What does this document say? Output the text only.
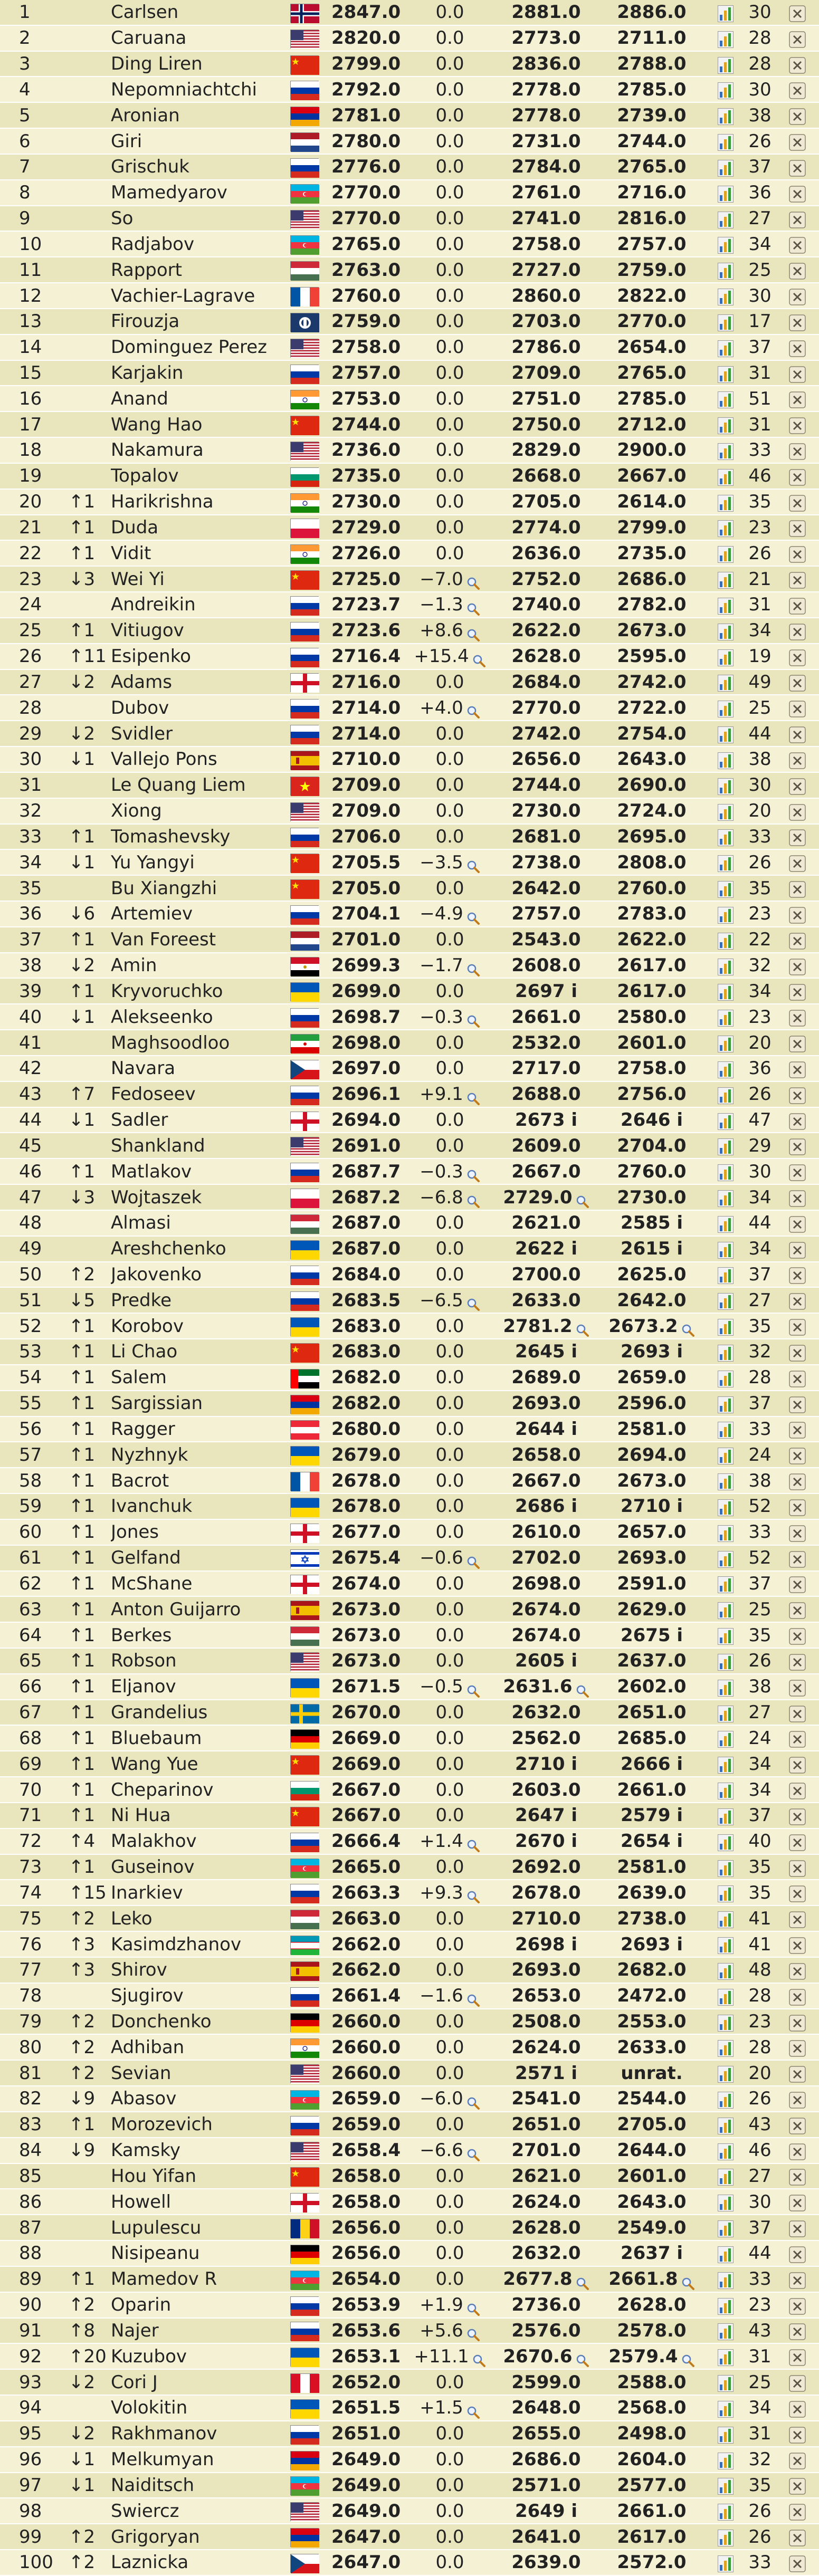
1		Carlsen		2847.0	0.0	2881.0	2886.0		30	
2		Caruana		2820.0	0.0	2773.0	2711.0		28	
3		Ding Liren		2799.0	0.0	2836.0	2788.0		28	
4		Nepomniachtchi		2792.0	0.0	2778.0	2785.0		30	
5		Aronian		2781.0	0.0	2778.0	2739.0		38	
6		Giri		2780.0	0.0	2731.0	2744.0		26	
7		Grischuk		2776.0	0.0	2784.0	2765.0		37	
8		Mamedyarov		2770.0	0.0	2761.0	2716.0		36	
9		So		2770.0	0.0	2741.0	2816.0		27	
10		Radjabov		2765.0	0.0	2758.0	2757.0		34	
11		Rapport		2763.0	0.0	2727.0	2759.0		25	
12		Vachier-Lagrave		2760.0	0.0	2860.0	2822.0		30	
13		Firouzja		2759.0	0.0	2703.0	2770.0		17	
14		Dominguez Perez		2758.0	0.0	2786.0	2654.0		37	
15		Karjakin		2757.0	0.0	2709.0	2765.0		31	
16		Anand		2753.0	0.0	2751.0	2785.0		51	
17		Wang Hao		2744.0	0.0	2750.0	2712.0		31	
18		Nakamura		2736.0	0.0	2829.0	2900.0		33	
19		Topalov		2735.0	0.0	2668.0	2667.0		46	
20	↑1	Harikrishna		2730.0	0.0	2705.0	2614.0		35	
21	↑1	Duda		2729.0	0.0	2774.0	2799.0		23	
22	↑1	Vidit		2726.0	0.0	2636.0	2735.0		26	
23	↓3	Wei Yi		2725.0	−7.0	2752.0	2686.0		21	
24		Andreikin		2723.7	−1.3	2740.0	2782.0		31	
25	↑1	Vitiugov		2723.6	+8.6	2622.0	2673.0		34	
26	↑11	Esipenko		2716.4	+15.4	2628.0	2595.0		19	
27	↓2	Adams		2716.0	0.0	2684.0	2742.0		49	
28		Dubov		2714.0	+4.0	2770.0	2722.0		25	
29	↓2	Svidler		2714.0	0.0	2742.0	2754.0		44	
30	↓1	Vallejo Pons		2710.0	0.0	2656.0	2643.0		38	
31		Le Quang Liem		2709.0	0.0	2744.0	2690.0		30	
32		Xiong		2709.0	0.0	2730.0	2724.0		20	
33	↑1	Tomashevsky		2706.0	0.0	2681.0	2695.0		33	
34	↓1	Yu Yangyi		2705.5	−3.5	2738.0	2808.0		26	
35		Bu Xiangzhi		2705.0	0.0	2642.0	2760.0		35	
36	↓6	Artemiev		2704.1	−4.9	2757.0	2783.0		23	
37	↑1	Van Foreest		2701.0	0.0	2543.0	2622.0		22	
38	↓2	Amin		2699.3	−1.7	2608.0	2617.0		32	
39	↑1	Kryvoruchko		2699.0	0.0	2697 i	2617.0		34	
40	↓1	Alekseenko		2698.7	−0.3	2661.0	2580.0		23	
41		Maghsoodloo		2698.0	0.0	2532.0	2601.0		20	
42		Navara		2697.0	0.0	2717.0	2758.0		36	
43	↑7	Fedoseev		2696.1	+9.1	2688.0	2756.0		26	
44	↓1	Sadler		2694.0	0.0	2673 i	2646 i		47	
45		Shankland		2691.0	0.0	2609.0	2704.0		29	
46	↑1	Matlakov		2687.7	−0.3	2667.0	2760.0		30	
47	↓3	Wojtaszek		2687.2	−6.8	2729.0	2730.0		34	
48		Almasi		2687.0	0.0	2621.0	2585 i		44	
49		Areshchenko		2687.0	0.0	2622 i	2615 i		34	
50	↑2	Jakovenko		2684.0	0.0	2700.0	2625.0		37	
51	↓5	Predke		2683.5	−6.5	2633.0	2642.0		27	
52	↑1	Korobov		2683.0	0.0	2781.2	2673.2		35	
53	↑1	Li Chao		2683.0	0.0	2645 i	2693 i		32	
54	↑1	Salem		2682.0	0.0	2689.0	2659.0		28	
55	↑1	Sargissian		2682.0	0.0	2693.0	2596.0		37	
56	↑1	Ragger		2680.0	0.0	2644 i	2581.0		33	
57	↑1	Nyzhnyk		2679.0	0.0	2658.0	2694.0		24	
58	↑1	Bacrot		2678.0	0.0	2667.0	2673.0		38	
59	↑1	Ivanchuk		2678.0	0.0	2686 i	2710 i		52	
60	↑1	Jones		2677.0	0.0	2610.0	2657.0		33	
61	↑1	Gelfand		2675.4	−0.6	2702.0	2693.0		52	
62	↑1	McShane		2674.0	0.0	2698.0	2591.0		37	
63	↑1	Anton Guijarro		2673.0	0.0	2674.0	2629.0		25	
64	↑1	Berkes		2673.0	0.0	2674.0	2675 i		35	
65	↑1	Robson		2673.0	0.0	2605 i	2637.0		26	
66	↑1	Eljanov		2671.5	−0.5	2631.6	2602.0		38	
67	↑1	Grandelius		2670.0	0.0	2632.0	2651.0		27	
68	↑1	Bluebaum		2669.0	0.0	2562.0	2685.0		24	
69	↑1	Wang Yue		2669.0	0.0	2710 i	2666 i		34	
70	↑1	Cheparinov		2667.0	0.0	2603.0	2661.0		34	
71	↑1	Ni Hua		2667.0	0.0	2647 i	2579 i		37	
72	↑4	Malakhov		2666.4	+1.4	2670 i	2654 i		40	
73	↑1	Guseinov		2665.0	0.0	2692.0	2581.0		35	
74	↑15	Inarkiev		2663.3	+9.3	2678.0	2639.0		35	
75	↑2	Leko		2663.0	0.0	2710.0	2738.0		41	
76	↑3	Kasimdzhanov		2662.0	0.0	2698 i	2693 i		41	
77	↑3	Shirov		2662.0	0.0	2693.0	2682.0		48	
78		Sjugirov		2661.4	−1.6	2653.0	2472.0		28	
79	↑2	Donchenko		2660.0	0.0	2508.0	2553.0		23	
80	↑2	Adhiban		2660.0	0.0	2624.0	2633.0		28	
81	↑2	Sevian		2660.0	0.0	2571 i	unrat.		20	
82	↓9	Abasov		2659.0	−6.0	2541.0	2544.0		26	
83	↑1	Morozevich		2659.0	0.0	2651.0	2705.0		43	
84	↓9	Kamsky		2658.4	−6.6	2701.0	2644.0		46	
85		Hou Yifan		2658.0	0.0	2621.0	2601.0		27	
86		Howell		2658.0	0.0	2624.0	2643.0		30	
87		Lupulescu		2656.0	0.0	2628.0	2549.0		37	
88		Nisipeanu		2656.0	0.0	2632.0	2637 i		44	
89	↑1	Mamedov R		2654.0	0.0	2677.8	2661.8		33	
90	↑2	Oparin		2653.9	+1.9	2736.0	2628.0		23	
91	↑8	Najer		2653.6	+5.6	2576.0	2578.0		43	
92	↑20	Kuzubov		2653.1	+11.1	2670.6	2579.4		31	
93	↓2	Cori J		2652.0	0.0	2599.0	2588.0		25	
94		Volokitin		2651.5	+1.5	2648.0	2568.0		34	
95	↓2	Rakhmanov		2651.0	0.0	2655.0	2498.0		31	
96	↓1	Melkumyan		2649.0	0.0	2686.0	2604.0		32	
97	↓1	Naiditsch		2649.0	0.0	2571.0	2577.0		35	
98		Swiercz		2649.0	0.0	2649 i	2661.0		26	
99	↑2	Grigoryan		2647.0	0.0	2641.0	2617.0		26	
100	↑2	Laznicka		2647.0	0.0	2639.0	2572.0		33	
